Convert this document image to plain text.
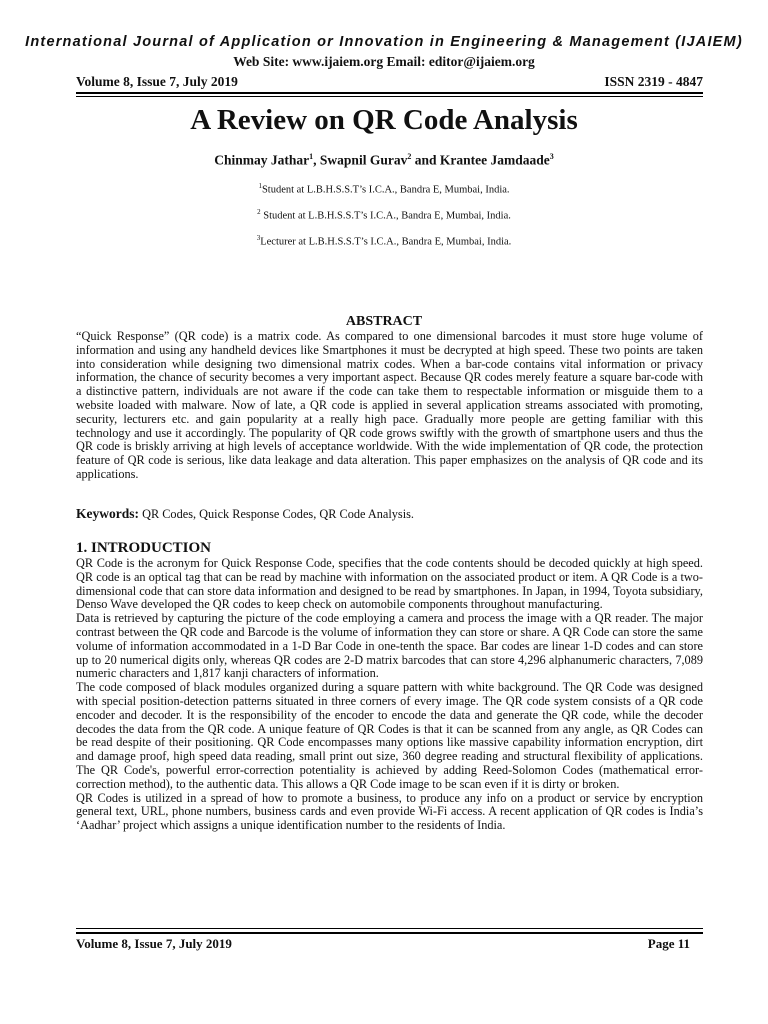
International Journal of Application or Innovation in Engineering & Management (IJAIEM)
Web Site: www.ijaiem.org Email: editor@ijaiem.org
Volume 8, Issue 7, July 2019	ISSN 2319 - 4847
A Review on QR Code Analysis
Chinmay Jathar$^1$, Swapnil Gurav$^2$ and Krantee Jamdaade$^3$
$^1$Student at L.B.H.S.S.T’s I.C.A., Bandra E, Mumbai, India.
$^2$ Student at L.B.H.S.S.T’s I.C.A., Bandra E, Mumbai, India.
$^3$Lecturer at L.B.H.S.S.T’s I.C.A., Bandra E, Mumbai, India.
ABSTRACT
“Quick Response” (QR code) is a matrix code. As compared to one dimensional barcodes it must store huge volume of information and using any handheld devices like Smartphones it must be decrypted at high speed. These two points are taken into consideration while designing two dimensional matrix codes. When a bar-code contains vital information or privacy information, the chance of security becomes a very important aspect. Because QR codes merely feature a square bar-code with a distinctive pattern, individuals are not aware if the code can take them to respectable information or misguide them to a website loaded with malware. Now of late, a QR code is applied in several application streams associated with promoting, security, lecturers etc. and gain popularity at a really high pace. Gradually more people are getting familiar with this technology and use it accordingly. The popularity of QR code grows swiftly with the growth of smartphone users and thus the QR code is briskly arriving at high levels of acceptance worldwide. With the wide implementation of QR code, the protection feature of QR code is serious, like data leakage and data alteration. This paper emphasizes on the analysis of QR code and its applications.
Keywords: QR Codes, Quick Response Codes, QR Code Analysis.
1. INTRODUCTION

QR Code is the acronym for Quick Response Code, specifies that the code contents should be decoded quickly at high speed. QR code is an optical tag that can be read by machine with information on the associated product or item. A QR Code is a two-dimensional code that can store data information and designed to be read by smartphones. In Japan, in 1994, Toyota subsidiary, Denso Wave developed the QR codes to keep check on automobile components throughout manufacturing.

Data is retrieved by capturing the picture of the code employing a camera and process the image with a QR reader. The major contrast between the QR code and Barcode is the volume of information they can store or share. A QR Code can store the same volume of information accommodated in a 1-D Bar Code in one-tenth the space. Bar codes are linear 1-D codes and can store up to 20 numerical digits only, whereas QR codes are 2-D matrix barcodes that can store 4,296 alphanumeric characters, 7,089 numeric characters and 1,817 kanji characters of information.

The code composed of black modules organized during a square pattern with white background. The QR Code was designed with special position-detection patterns situated in three corners of every image. The QR code system consists of a QR code encoder and decoder. It is the responsibility of the encoder to encode the data and generate the QR code, while the decoder decodes the data from the QR code. A unique feature of QR Codes is that it can be scanned from any angle, as QR Codes can be read despite of their positioning. QR Code encompasses many options like massive capability information encryption, dirt and damage proof, high speed data reading, small print out size, 360 degree reading and structural flexibility of applications. The QR Code's, powerful error-correction potentiality is achieved by adding Reed-Solomon Codes (mathematical error-correction method), to the authentic data. This allows a QR Code image to be scan even if it is dirty or broken.

QR Codes is utilized in a spread of how to promote a business, to produce any info on a product or service by encryption general text, URL, phone numbers, business cards and even provide Wi-Fi access. A recent application of QR codes is India’s ‘Aadhar’ project which assigns a unique identification number to the residents of India.

Volume 8, Issue 7, July 2019	Page 11
